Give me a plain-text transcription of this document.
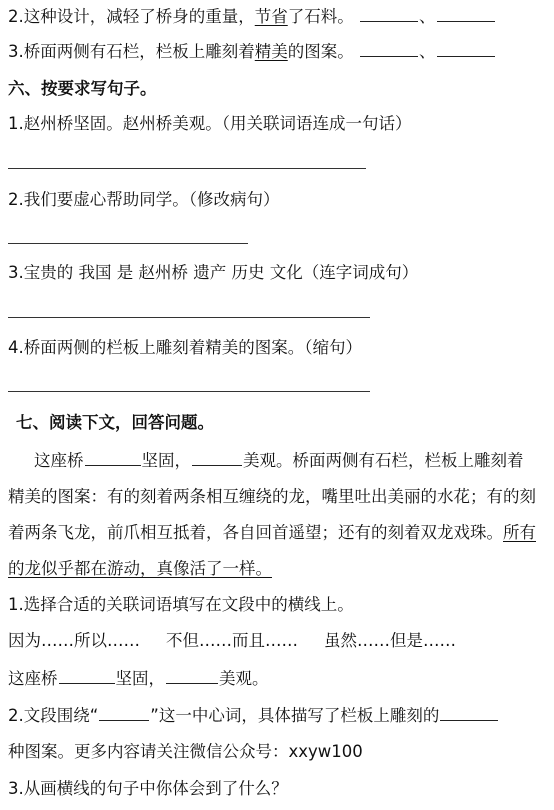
2.这种设计，减轻了桥身的重量，节省了石料。	、
3.桥面两侧有石栏，栏板上雕刻着精美的图案。	、
六、按要求写句子。
1.赵州桥坚固。赵州桥美观。（用关联词语连成一句话）
2.我们要虚心帮助同学。（修改病句）
3.宝贵的 我国 是 赵州桥 遗产 历史 文化（连字词成句）
4.桥面两侧的栏板上雕刻着精美的图案。（缩句）
七、阅读下文，回答问题。
这座桥	坚固，	美观。桥面两侧有石栏，栏板上雕刻着
精美的图案：有的刻着两条相互缠绕的龙，嘴里吐出美丽的水花；有的刻
着两条飞龙，前爪相互抵着，各自回首遥望；还有的刻着双龙戏珠。所有
的龙似乎都在游动，真像活了一样。
1.选择合适的关联词语填写在文段中的横线上。
因为……所以…… 不但……而且…… 虽然……但是……
这座桥	坚固，	美观。
2.文段围绕“	”这一中心词，具体描写了栏板上雕刻的
种图案。更多内容请关注微信公众号：xxyw100
3.从画横线的句子中你体会到了什么？
